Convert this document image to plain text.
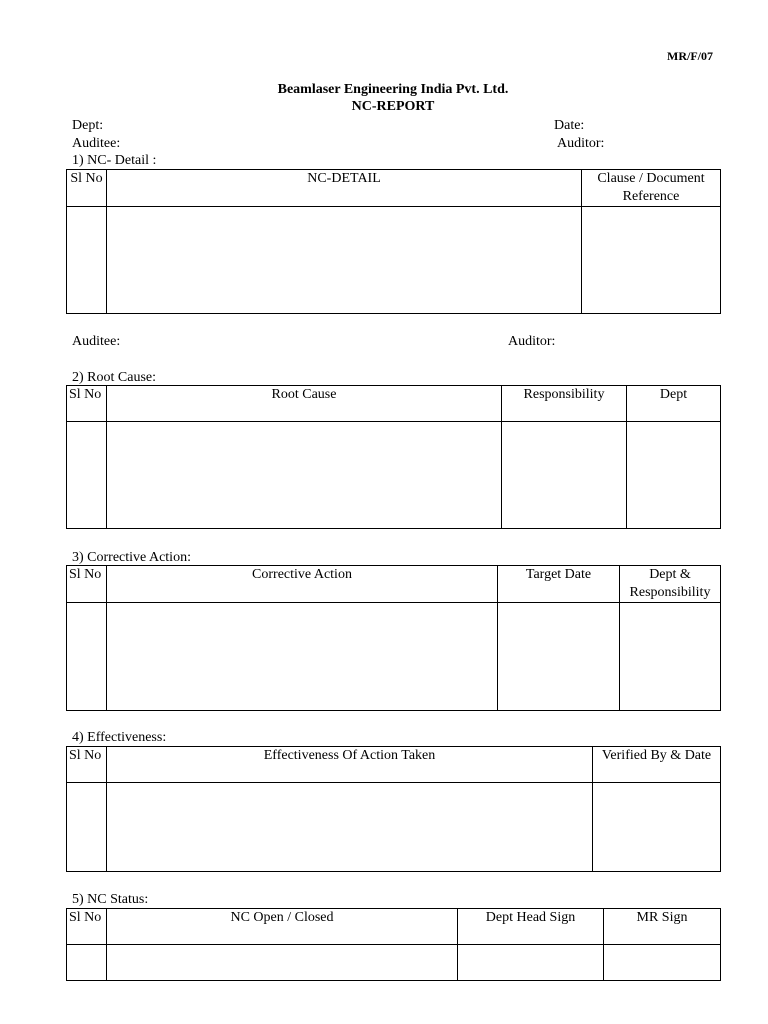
MR/F/07
Beamlaser Engineering India Pvt. Ltd.
NC-REPORT
Dept:	Date:
Auditee:	Auditor:
1) NC- Detail :
Sl No	NC-DETAIL	Clause / Document Reference

Auditee:	Auditor:
2) Root Cause:
Sl No	Root Cause	Responsibility	Dept

3) Corrective Action:
Sl No	Corrective Action	Target Date	Dept & Responsibility

4) Effectiveness:
Sl No	Effectiveness Of Action Taken	Verified By & Date

5) NC Status:
Sl No	NC Open / Closed	Dept Head Sign	MR Sign
